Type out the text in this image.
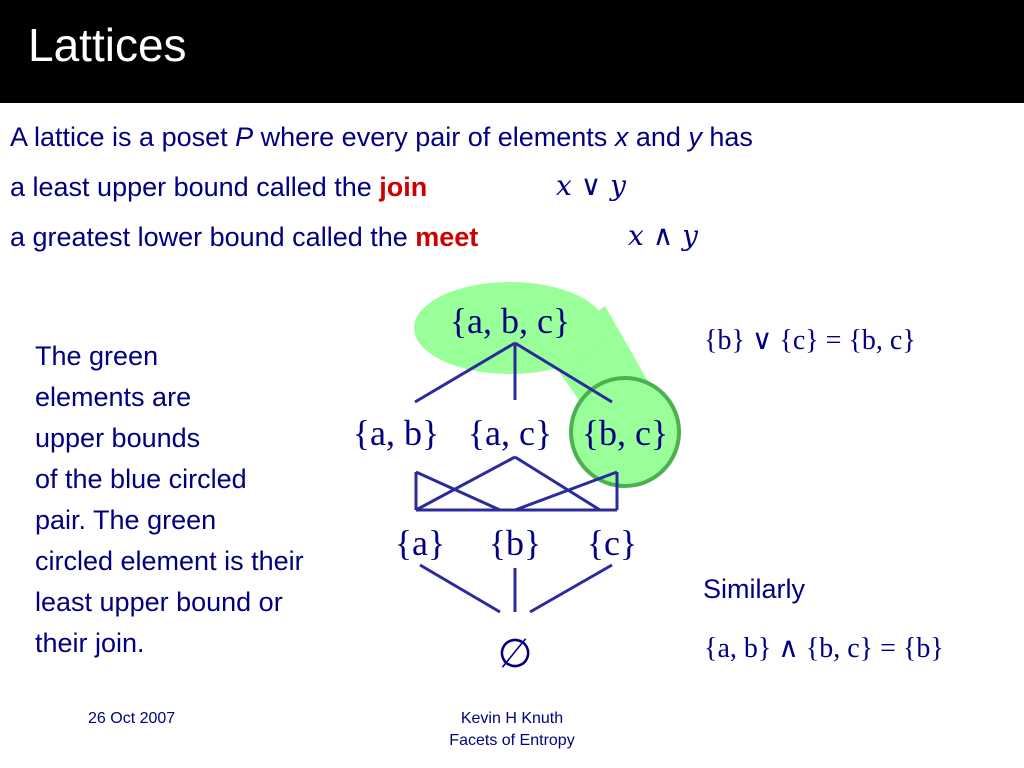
Lattices
A lattice is a poset P where every pair of elements x and y has
a least upper bound called the join	x ∨ y
a greatest lower bound called the meet	x ∧ y
The green
elements are
upper bounds
of the blue circled
pair. The green
circled element is their
least upper bound or
their join.
{a, b, c}
{a, b} {a, c} {b, c}
{a} {b} {c}
∅
{b} ∨ {c} = {b, c}
{a, b} ∧ {b, c} = {b}
Similarly
26 Oct 2007	Kevin H Knuth
Facets of Entropy
